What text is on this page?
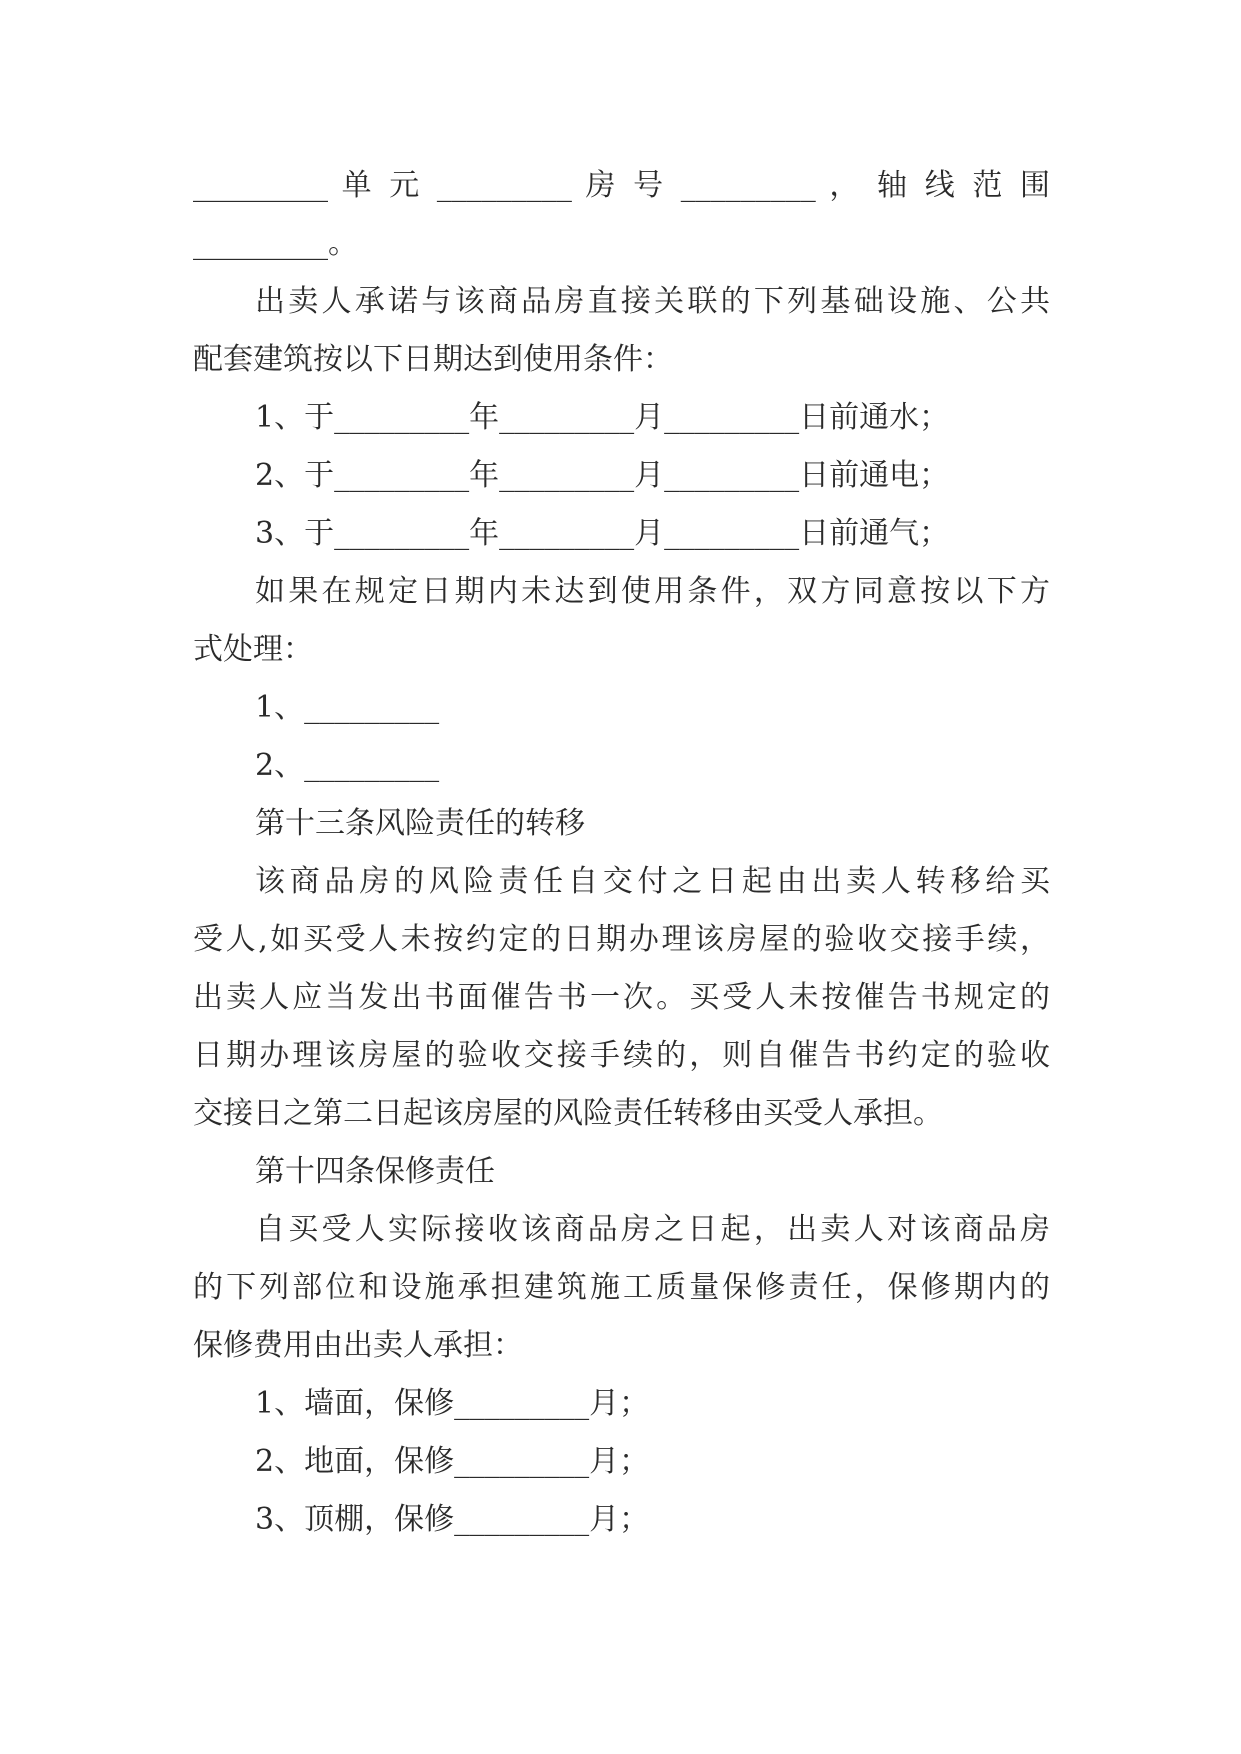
_________ 单 元 _________ 房 号 _________ ， 轴 线 范 围
_________。
出卖人承诺与该商品房直接关联的下列基础设施、公共
配套建筑按以下日期达到使用条件：
1、于_________年_________月_________日前通水；
2、于_________年_________月_________日前通电；
3、于_________年_________月_________日前通气；
如果在规定日期内未达到使用条件，双方同意按以下方
式处理：
1、_________
2、_________
第十三条风险责任的转移
该商品房的风险责任自交付之日起由出卖人转移给买
受人,如买受人未按约定的日期办理该房屋的验收交接手续，
出卖人应当发出书面催告书一次。买受人未按催告书规定的
日期办理该房屋的验收交接手续的，则自催告书约定的验收
交接日之第二日起该房屋的风险责任转移由买受人承担。
第十四条保修责任
自买受人实际接收该商品房之日起，出卖人对该商品房
的下列部位和设施承担建筑施工质量保修责任，保修期内的
保修费用由出卖人承担：
1、墙面，保修_________月；
2、地面，保修_________月；
3、顶棚，保修_________月；
